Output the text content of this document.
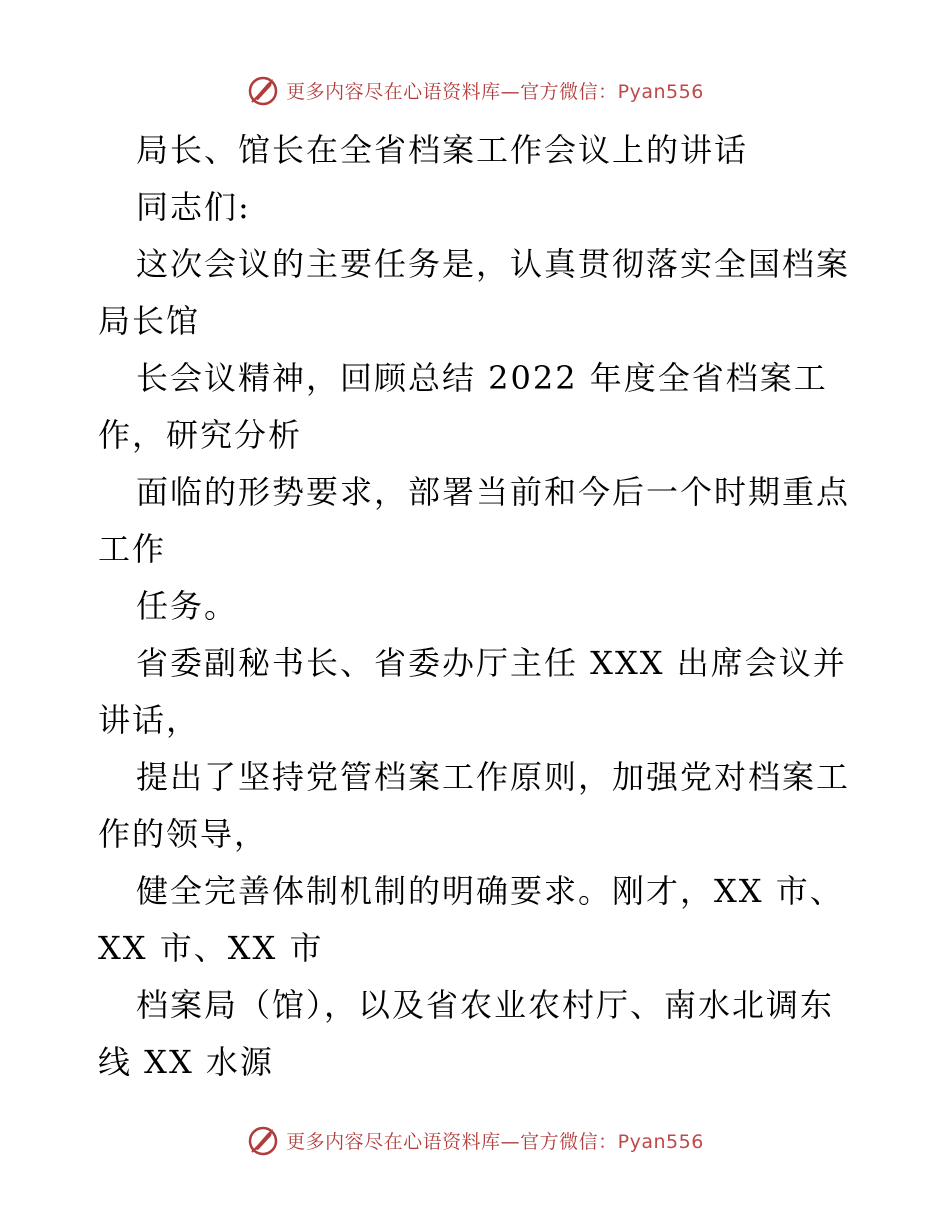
更多内容尽在心语资料库—官方微信：Pyan556
局长、馆长在全省档案工作会议上的讲话
同志们:
这次会议的主要任务是，认真贯彻落实全国档案
局长馆
长会议精神，回顾总结 2022 年度全省档案工
作，研究分析
面临的形势要求，部署当前和今后一个时期重点
工作
任务。
省委副秘书长、省委办厅主任 XXX 出席会议并
讲话，
提出了坚持党管档案工作原则，加强党对档案工
作的领导，
健全完善体制机制的明确要求。刚才，XX 市、
XX 市、XX 市
档案局（馆），以及省农业农村厅、南水北调东
线 XX 水源
更多内容尽在心语资料库—官方微信：Pyan556
